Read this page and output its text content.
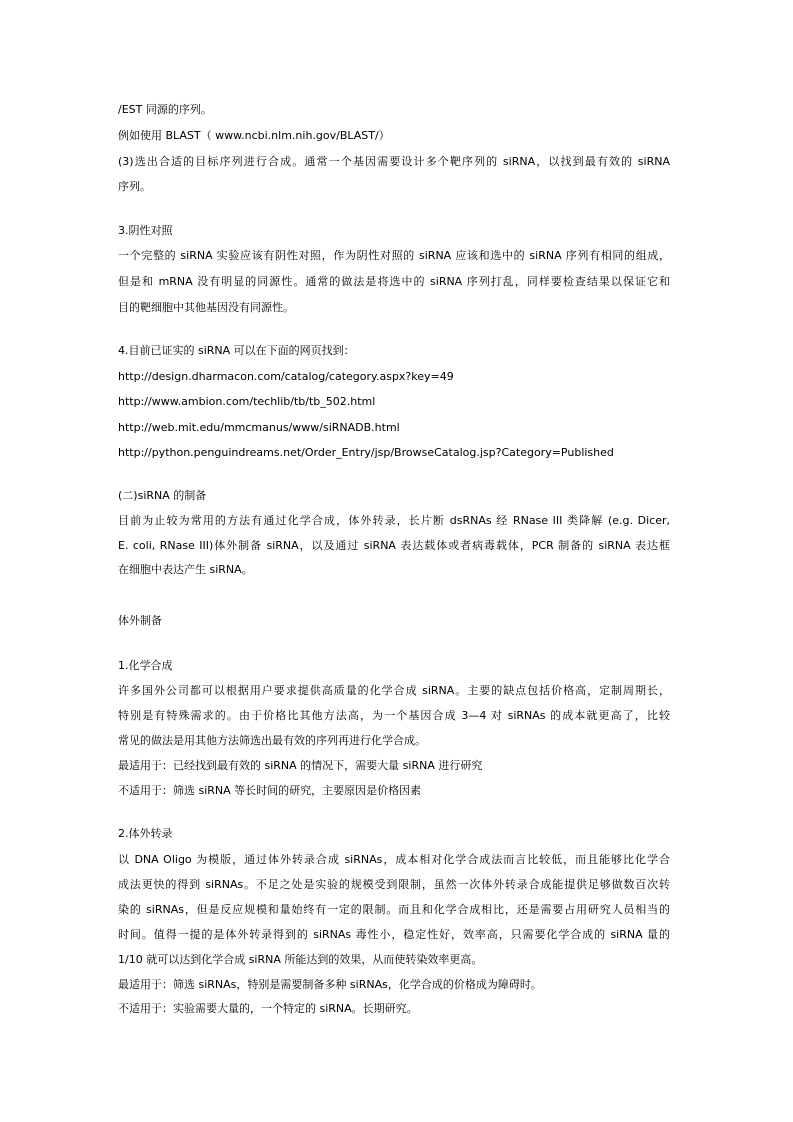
/EST 同源的序列。
例如使用 BLAST（ www.ncbi.nlm.nih.gov/BLAST/）
(3)选出合适的目标序列进行合成。通常一个基因需要设计多个靶序列的 siRNA，以找到最有效的 siRNA
序列。
3.阴性对照
一个完整的 siRNA 实验应该有阴性对照，作为阴性对照的 siRNA 应该和选中的 siRNA 序列有相同的组成，
但是和 mRNA 没有明显的同源性。通常的做法是将选中的 siRNA 序列打乱，同样要检查结果以保证它和
目的靶细胞中其他基因没有同源性。
4.目前已证实的 siRNA 可以在下面的网页找到：
http://design.dharmacon.com/catalog/category.aspx?key=49
http://www.ambion.com/techlib/tb/tb_502.html
http://web.mit.edu/mmcmanus/www/siRNADB.html
http://python.penguindreams.net/Order_Entry/jsp/BrowseCatalog.jsp?Category=Published
(二)siRNA 的制备
目前为止较为常用的方法有通过化学合成，体外转录，长片断 dsRNAs 经 RNase III 类降解 (e.g. Dicer,
E. coli, RNase III)体外制备 siRNA，以及通过 siRNA 表达载体或者病毒载体，PCR 制备的 siRNA 表达框
在细胞中表达产生 siRNA。
体外制备
1.化学合成
许多国外公司都可以根据用户要求提供高质量的化学合成 siRNA。主要的缺点包括价格高，定制周期长，
特别是有特殊需求的。由于价格比其他方法高，为一个基因合成 3—4 对 siRNAs 的成本就更高了，比较
常见的做法是用其他方法筛选出最有效的序列再进行化学合成。
最适用于：已经找到最有效的 siRNA 的情况下，需要大量 siRNA 进行研究
不适用于：筛选 siRNA 等长时间的研究，主要原因是价格因素
2.体外转录
以 DNA Oligo 为模版，通过体外转录合成 siRNAs，成本相对化学合成法而言比较低，而且能够比化学合
成法更快的得到 siRNAs。不足之处是实验的规模受到限制，虽然一次体外转录合成能提供足够做数百次转
染的 siRNAs，但是反应规模和量始终有一定的限制。而且和化学合成相比，还是需要占用研究人员相当的
时间。值得一提的是体外转录得到的 siRNAs 毒性小，稳定性好，效率高，只需要化学合成的 siRNA 量的
1/10 就可以达到化学合成 siRNA 所能达到的效果，从而使转染效率更高。
最适用于：筛选 siRNAs，特别是需要制备多种 siRNAs，化学合成的价格成为障碍时。
不适用于：实验需要大量的，一个特定的 siRNA。长期研究。
